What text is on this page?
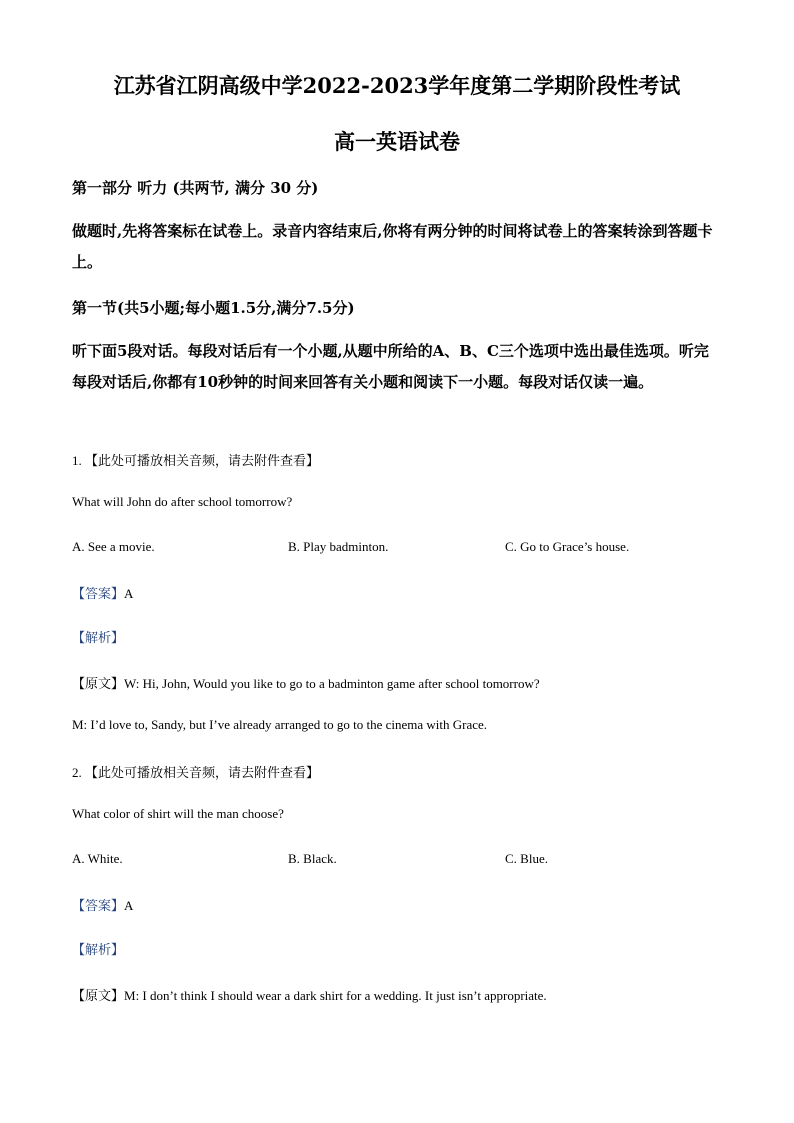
江苏省江阴高级中学2022-2023学年度第二学期阶段性考试
高一英语试卷
第一部分 听力 (共两节, 满分 30 分)
做题时,先将答案标在试卷上。录音内容结束后,你将有两分钟的时间将试卷上的答案转涂到答题卡上。
第一节(共5小题;每小题1.5分,满分7.5分)
听下面5段对话。每段对话后有一个小题,从题中所给的A、B、C三个选项中选出最佳选项。听完每段对话后,你都有10秒钟的时间来回答有关小题和阅读下一小题。每段对话仅读一遍。
1. 【此处可播放相关音频，请去附件查看】
What will John do after school tomorrow?
A. See a movie.	B. Play badminton.	C. Go to Grace’s house.
【答案】A
【解析】
【原文】W: Hi, John, Would you like to go to a badminton game after school tomorrow?
M: I’d love to, Sandy, but I’ve already arranged to go to the cinema with Grace.
2. 【此处可播放相关音频，请去附件查看】
What color of shirt will the man choose?
A. White.	B. Black.	C. Blue.
【答案】A
【解析】
【原文】M: I don’t think I should wear a dark shirt for a wedding. It just isn’t appropriate.
